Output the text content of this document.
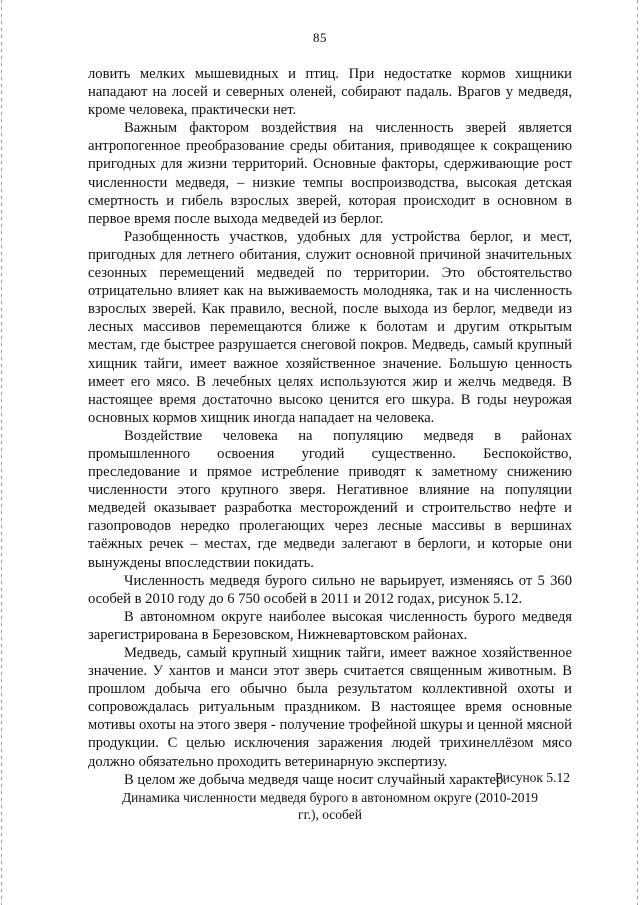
85

ловить мелких мышевидных и птиц. При недостатке кормов хищники нападают на лосей и северных оленей, собирают падаль. Врагов у медведя, кроме человека, практически нет.

Важным фактором воздействия на численность зверей является антропогенное преобразование среды обитания, приводящее к сокращению пригодных для жизни территорий. Основные факторы, сдерживающие рост численности медведя, – низкие темпы воспроизводства, высокая детская смертность и гибель взрослых зверей, которая происходит в основном в первое время после выхода медведей из берлог.

Разобщенность участков, удобных для устройства берлог, и мест, пригодных для летнего обитания, служит основной причиной значительных сезонных перемещений медведей по территории. Это обстоятельство отрицательно влияет как на выживаемость молодняка, так и на численность взрослых зверей. Как правило, весной, после выхода из берлог, медведи из лесных массивов перемещаются ближе к болотам и другим открытым местам, где быстрее разрушается снеговой покров. Медведь, самый крупный хищник тайги, имеет важное хозяйственное значение. Большую ценность имеет его мясо. В лечебных целях используются жир и желчь медведя. В настоящее время достаточно высоко ценится его шкура. В годы неурожая основных кормов хищник иногда нападает на человека.

Воздействие человека на популяцию медведя в районах промышленного освоения угодий существенно. Беспокойство, преследование и прямое истребление приводят к заметному снижению численности этого крупного зверя. Негативное влияние на популяции медведей оказывает разработка месторождений и строительство нефте и газопроводов нередко пролегающих через лесные массивы в вершинах таёжных речек – местах, где медведи залегают в берлоги, и которые они вынуждены впоследствии покидать.

Численность медведя бурого сильно не варьирует, изменяясь от 5 360 особей в 2010 году до 6 750 особей в 2011 и 2012 годах, рисунок 5.12.

В автономном округе наиболее высокая численность бурого медведя зарегистрирована в Березовском, Нижневартовском районах.

Медведь, самый крупный хищник тайги, имеет важное хозяйственное значение. У хантов и манси этот зверь считается священным животным. В прошлом добыча его обычно была результатом коллективной охоты и сопровождалась ритуальным праздником. В настоящее время основные мотивы охоты на этого зверя - получение трофейной шкуры и ценной мясной продукции. С целью исключения заражения людей трихинеллёзом мясо должно обязательно проходить ветеринарную экспертизу.

В целом же добыча медведя чаще носит случайный характер.

Рисунок 5.12
Динамика численности медведя бурого в автономном округе (2010-2019 гг.), особей
